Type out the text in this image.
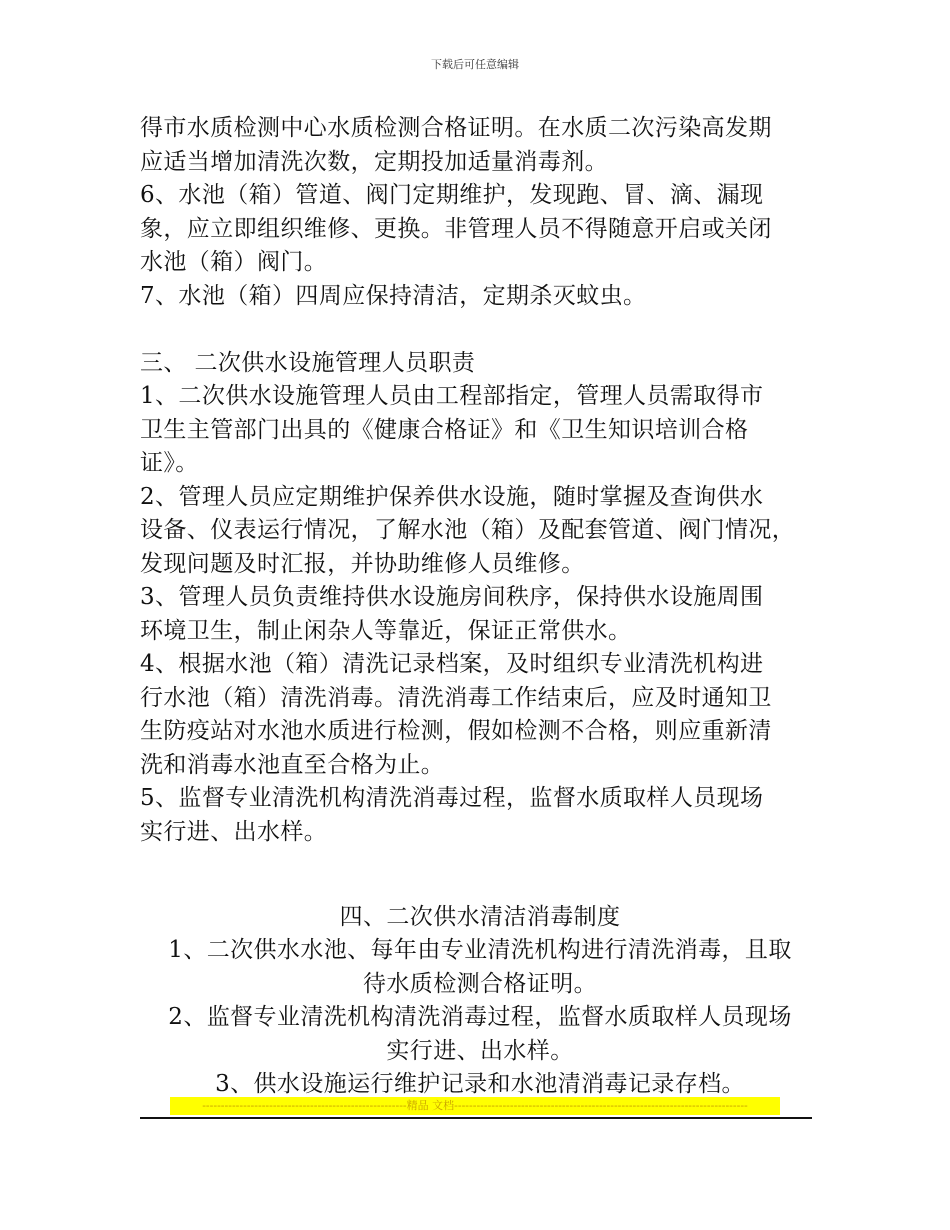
下载后可任意编辑

得市水质检测中心水质检测合格证明。在水质二次污染高发期

应适当增加清洗次数，定期投加适量消毒剂。

6、水池（箱）管道、阀门定期维护，发现跑、冒、滴、漏现

象，应立即组织维修、更换。非管理人员不得随意开启或关闭

水池（箱）阀门。

7、水池（箱）四周应保持清洁，定期杀灭蚊虫。

三、 二次供水设施管理人员职责

1、二次供水设施管理人员由工程部指定，管理人员需取得市

卫生主管部门出具的《健康合格证》和《卫生知识培训合格

证》。

2、管理人员应定期维护保养供水设施，随时掌握及查询供水

设备、仪表运行情况，了解水池（箱）及配套管道、阀门情况，

发现问题及时汇报，并协助维修人员维修。

3、管理人员负责维持供水设施房间秩序，保持供水设施周围

环境卫生，制止闲杂人等靠近，保证正常供水。

4、根据水池（箱）清洗记录档案，及时组织专业清洗机构进

行水池（箱）清洗消毒。清洗消毒工作结束后，应及时通知卫

生防疫站对水池水质进行检测，假如检测不合格，则应重新清

洗和消毒水池直至合格为止。

5、监督专业清洗机构清洗消毒过程，监督水质取样人员现场

实行进、出水样。

四、二次供水清洁消毒制度

1、二次供水水池、每年由专业清洗机构进行清洗消毒，且取

待水质检测合格证明。

2、监督专业清洗机构清洗消毒过程，监督水质取样人员现场

实行进、出水样。

3、供水设施运行维护记录和水池清消毒记录存档。

-------------------------------------------------------精品 文档-------------------------------------------------------------------------------
